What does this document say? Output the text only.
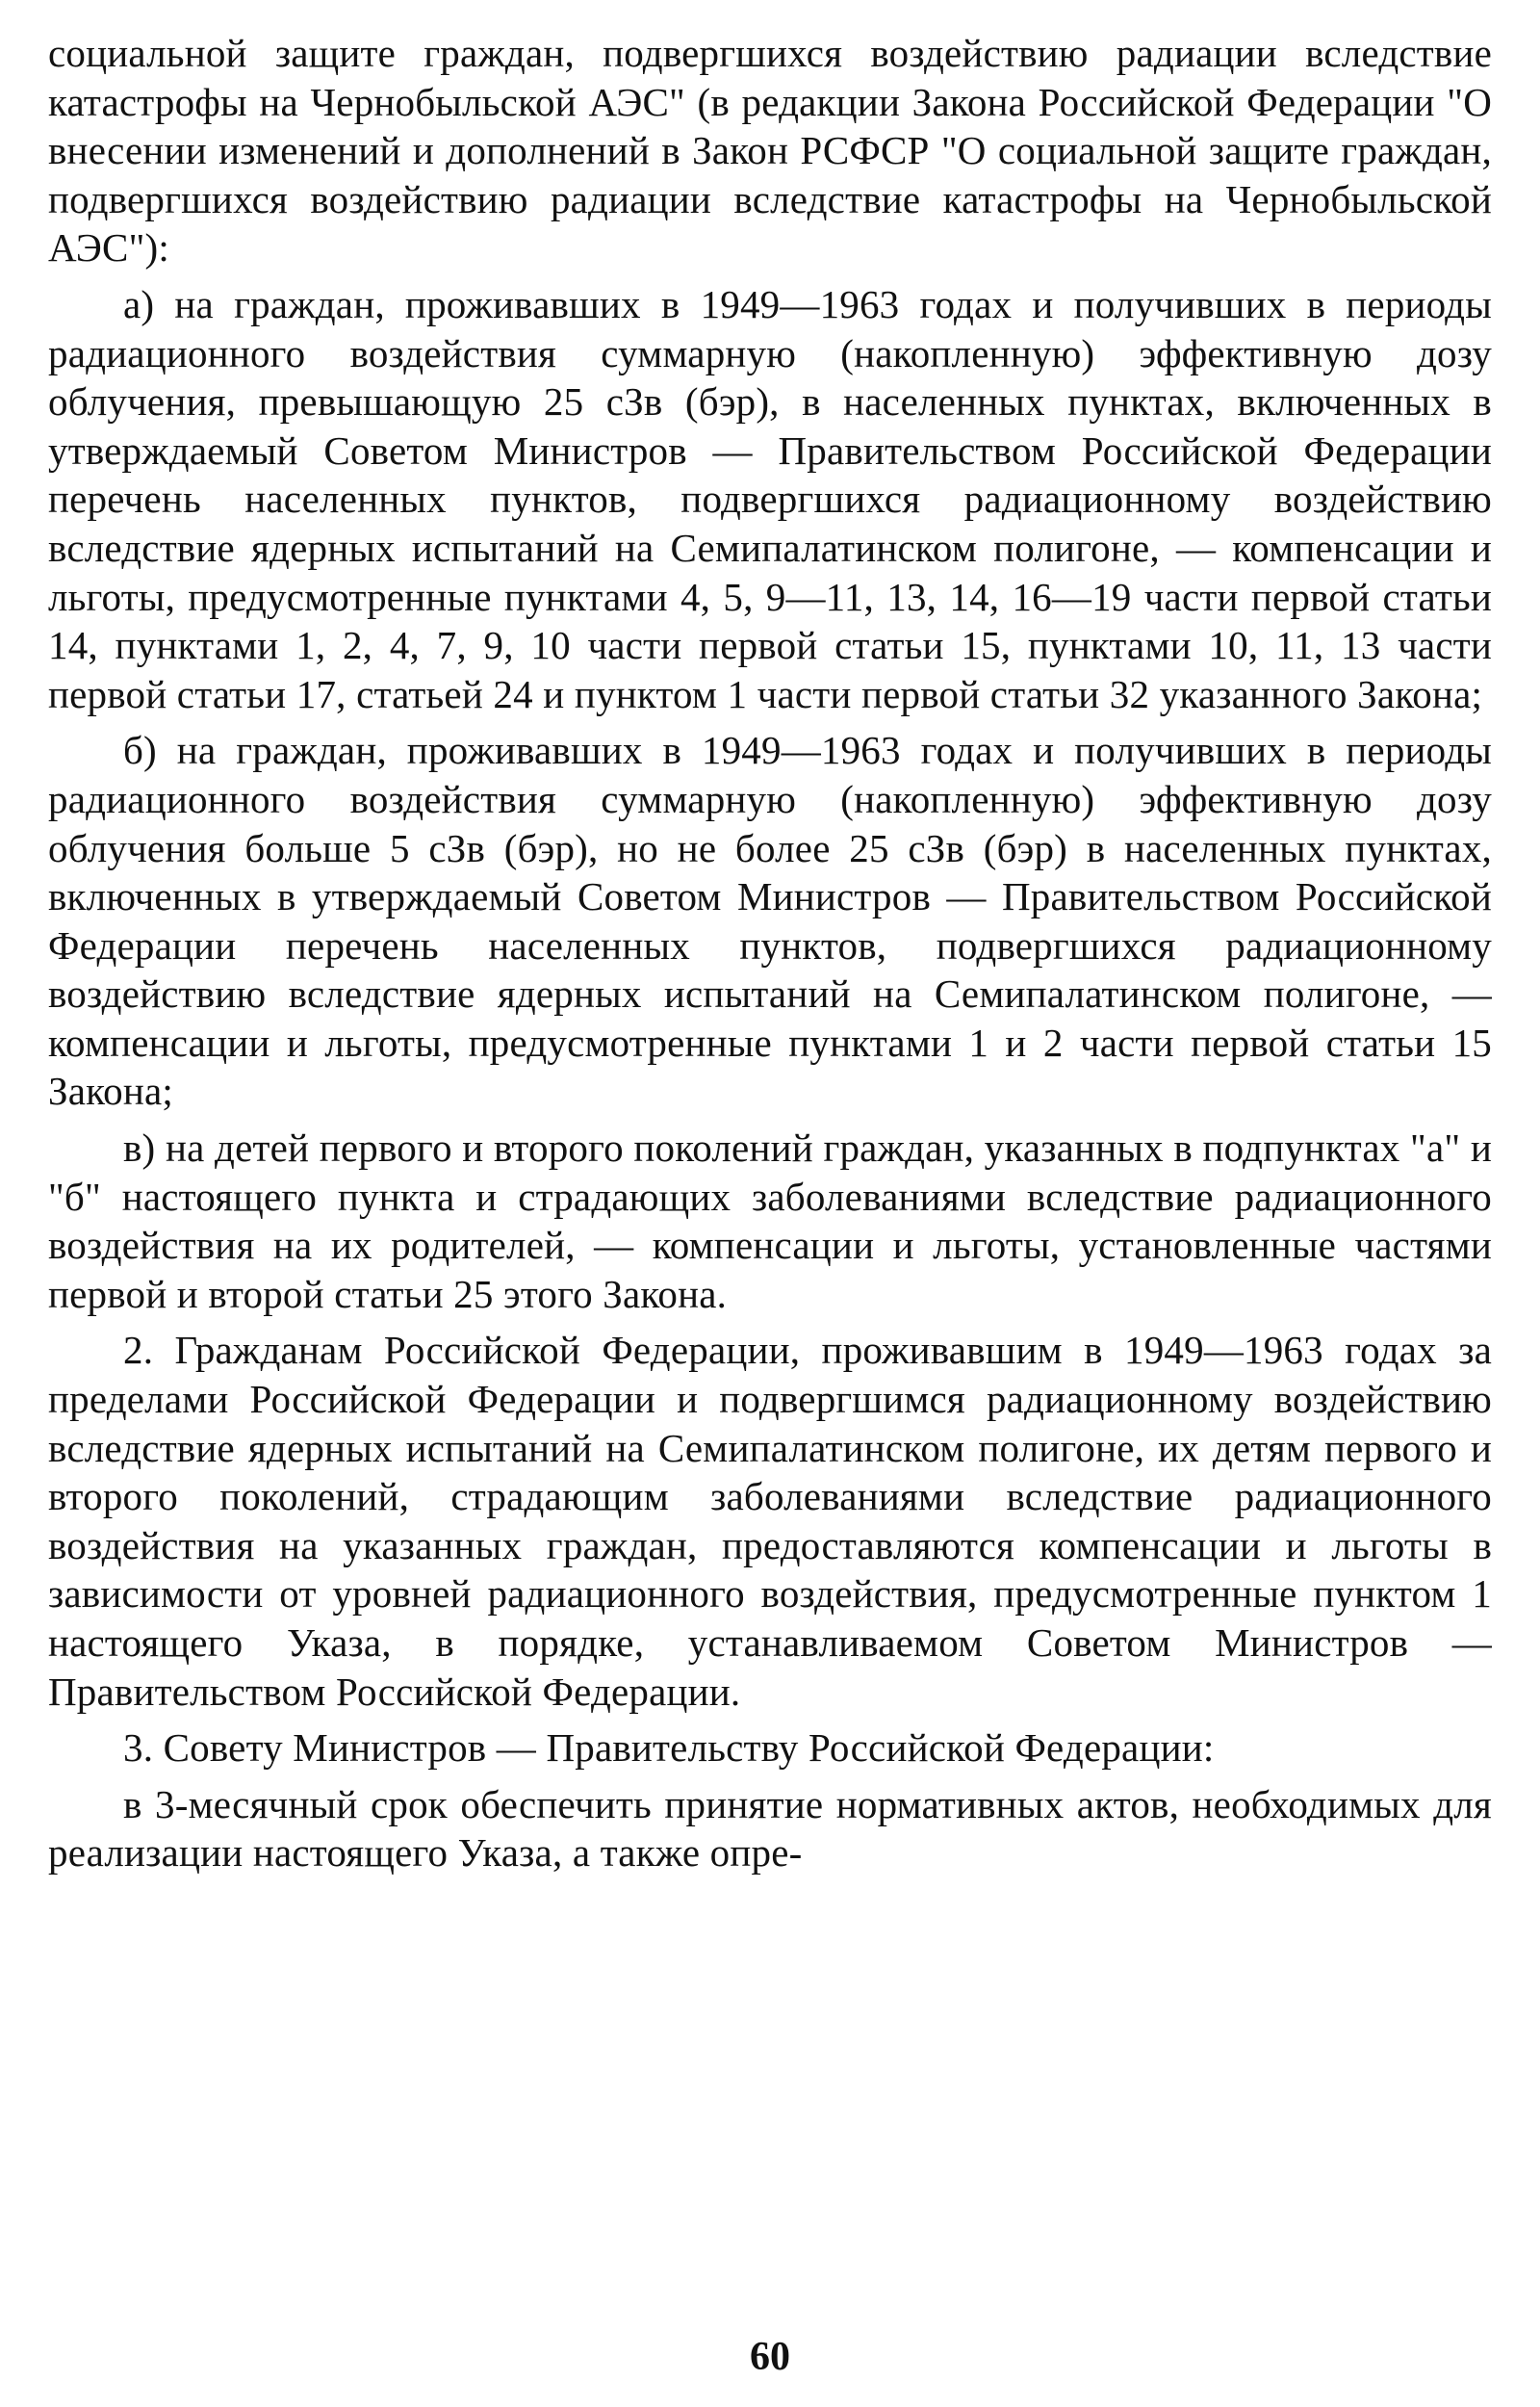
социальной защите граждан, подвергшихся воздействию радиации вследствие катастрофы на Чернобыльской АЭС" (в редакции Закона Российской Федерации "О внесении изменений и дополнений в Закон РСФСР "О социальной защите граждан, подвергшихся воздействию радиации вследствие катастрофы на Чернобыльской АЭС"):

а) на граждан, проживавших в 1949—1963 годах и получивших в периоды радиационного воздействия суммарную (накопленную) эффективную дозу облучения, превышающую 25 сЗв (бэр), в населенных пунктах, включенных в утверждаемый Советом Министров — Правительством Российской Федерации перечень населенных пунктов, подвергшихся радиационному воздействию вследствие ядерных испытаний на Семипалатинском полигоне, — компенсации и льготы, предусмотренные пунктами 4, 5, 9—11, 13, 14, 16—19 части первой статьи 14, пунктами 1, 2, 4, 7, 9, 10 части первой статьи 15, пунктами 10, 11, 13 части первой статьи 17, статьей 24 и пунктом 1 части первой статьи 32 указанного Закона;

б) на граждан, проживавших в 1949—1963 годах и получивших в периоды радиационного воздействия суммарную (накопленную) эффективную дозу облучения больше 5 сЗв (бэр), но не более 25 сЗв (бэр) в населенных пунктах, включенных в утверждаемый Советом Министров — Правительством Российской Федерации перечень населенных пунктов, подвергшихся радиационному воздействию вследствие ядерных испытаний на Семипалатинском полигоне, — компенсации и льготы, предусмотренные пунктами 1 и 2 части первой статьи 15 Закона;

в) на детей первого и второго поколений граждан, указанных в подпунктах "а" и "б" настоящего пункта и страдающих заболеваниями вследствие радиационного воздействия на их родителей, — компенсации и льготы, установленные частями первой и второй статьи 25 этого Закона.

2. Гражданам Российской Федерации, проживавшим в 1949—1963 годах за пределами Российской Федерации и подвергшимся радиационному воздействию вследствие ядерных испытаний на Семипалатинском полигоне, их детям первого и второго поколений, страдающим заболеваниями вследствие радиационного воздействия на указанных граждан, предоставляются компенсации и льготы в зависимости от уровней радиационного воздействия, предусмотренные пунктом 1 настоящего Указа, в порядке, устанавливаемом Советом Министров — Правительством Российской Федерации.

3. Совету Министров — Правительству Российской Федерации:

в 3-месячный срок обеспечить принятие нормативных актов, необходимых для реализации настоящего Указа, а также опре-

60
